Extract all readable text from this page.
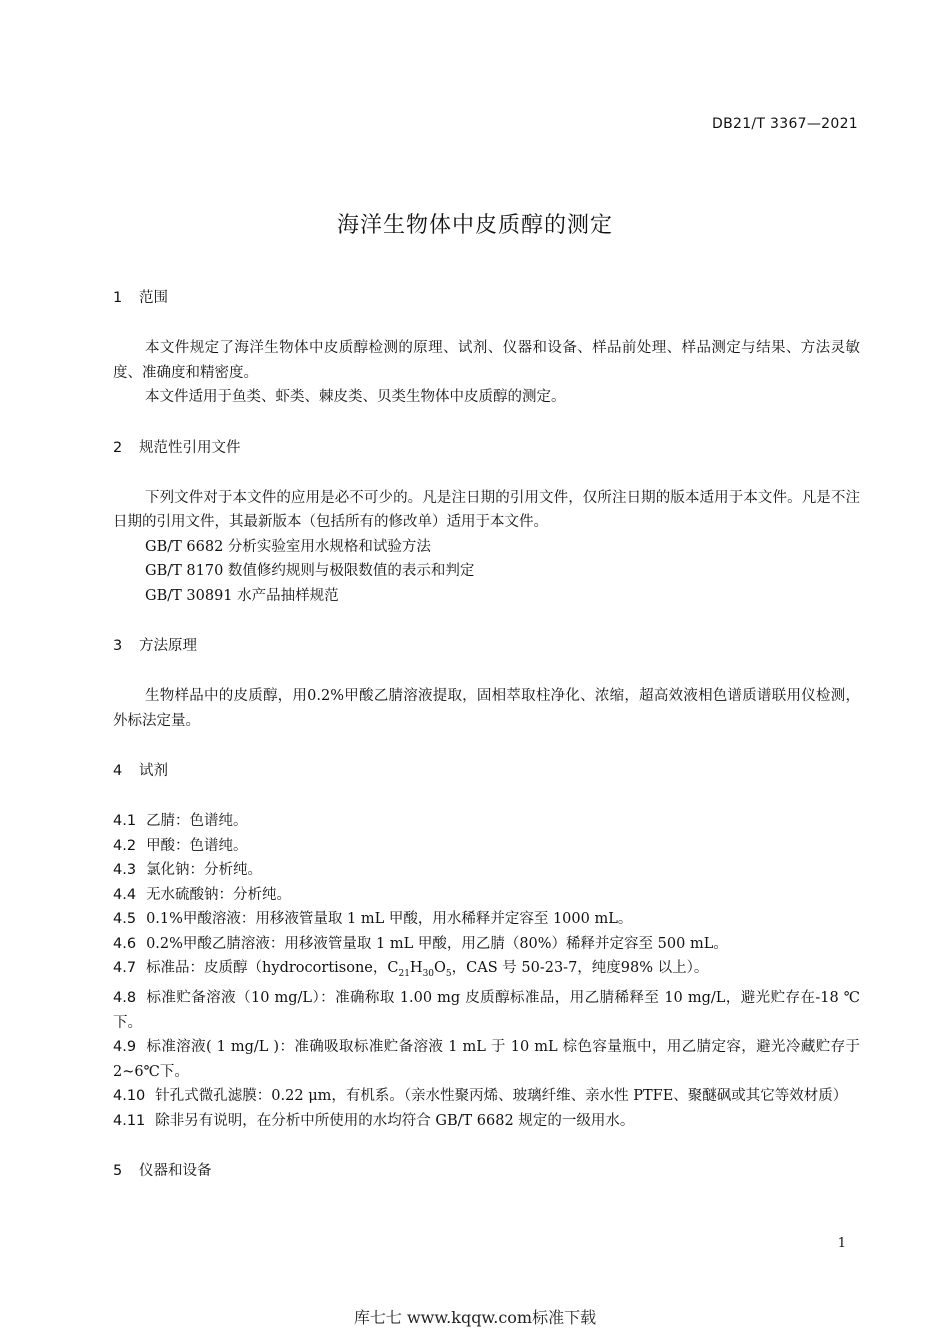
DB21/T 3367—2021
海洋生物体中皮质醇的测定
1 范围
本文件规定了海洋生物体中皮质醇检测的原理、试剂、仪器和设备、样品前处理、样品测定与结果、方法灵敏度、准确度和精密度。
本文件适用于鱼类、虾类、棘皮类、贝类生物体中皮质醇的测定。
2 规范性引用文件
下列文件对于本文件的应用是必不可少的。凡是注日期的引用文件，仅所注日期的版本适用于本文件。凡是不注日期的引用文件，其最新版本（包括所有的修改单）适用于本文件。
GB/T 6682 分析实验室用水规格和试验方法
GB/T 8170 数值修约规则与极限数值的表示和判定
GB/T 30891 水产品抽样规范
3 方法原理
生物样品中的皮质醇，用0.2%甲酸乙腈溶液提取，固相萃取柱净化、浓缩，超高效液相色谱质谱联用仪检测，外标法定量。
4 试剂
4.1 乙腈：色谱纯。
4.2 甲酸：色谱纯。
4.3 氯化钠：分析纯。
4.4 无水硫酸钠：分析纯。
4.5 0.1%甲酸溶液：用移液管量取 1 mL 甲酸，用水稀释并定容至 1000 mL。
4.6 0.2%甲酸乙腈溶液：用移液管量取 1 mL 甲酸，用乙腈（80%）稀释并定容至 500 mL。
4.7 标准品：皮质醇（hydrocortisone，$C_{21}H_{30}O_5$，CAS 号 50-23-7，纯度98% 以上）。
4.8 标准贮备溶液（10 mg/L）：准确称取 1.00 mg 皮质醇标准品，用乙腈稀释至 10 mg/L，避光贮存在-18 ℃下。
4.9 标准溶液( 1 mg/L )：准确吸取标准贮备溶液 1 mL 于 10 mL 棕色容量瓶中，用乙腈定容，避光冷藏贮存于 2~6℃下。
4.10 针孔式微孔滤膜：0.22 μm，有机系。（亲水性聚丙烯、玻璃纤维、亲水性 PTFE、聚醚砜或其它等效材质）
4.11 除非另有说明，在分析中所使用的水均符合 GB/T 6682 规定的一级用水。
5 仪器和设备
1
库七七 www.kqqw.com标准下载
